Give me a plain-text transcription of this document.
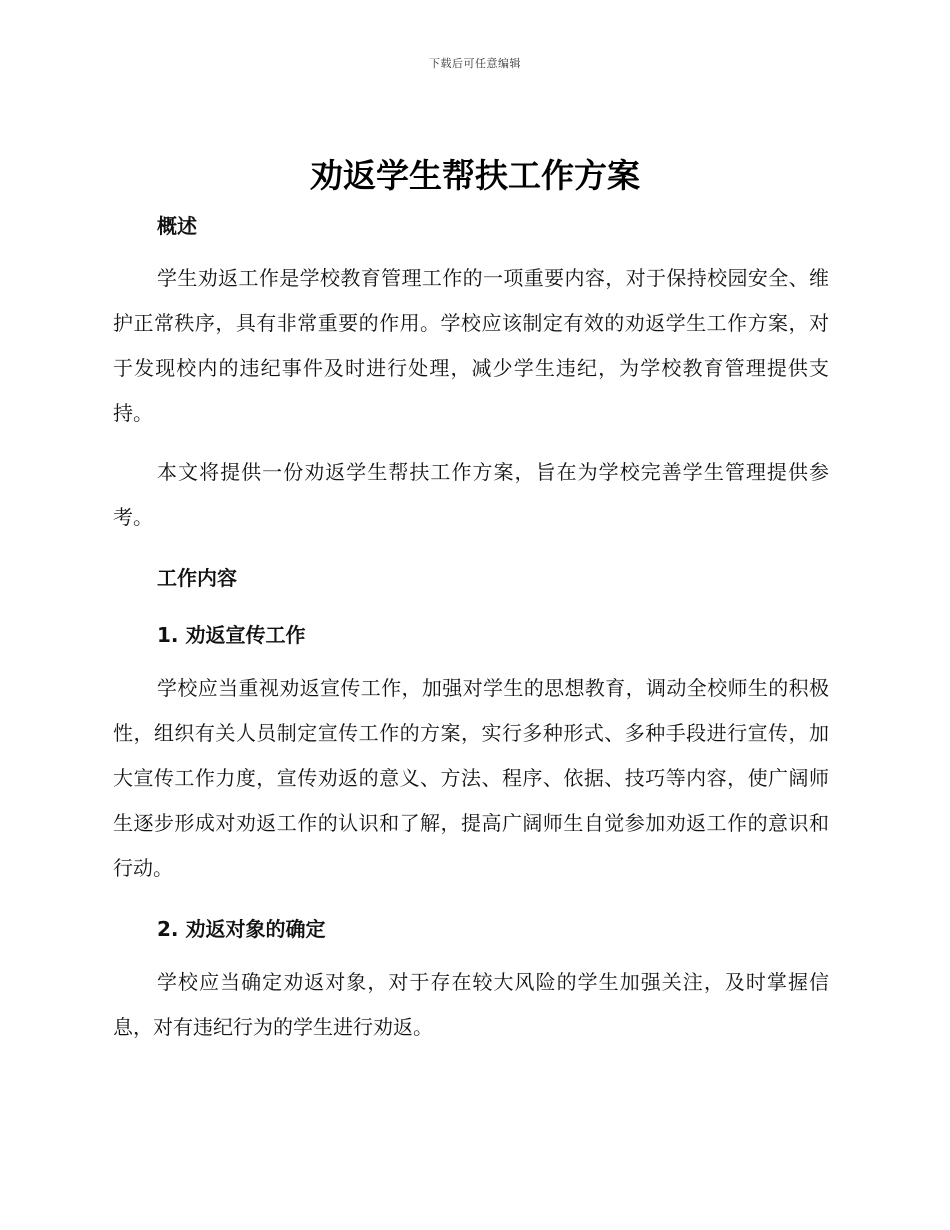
下载后可任意编辑
劝返学生帮扶工作方案
概述

学生劝返工作是学校教育管理工作的一项重要内容，对于保持校园安全、维护正常秩序，具有非常重要的作用。学校应该制定有效的劝返学生工作方案，对于发现校内的违纪事件及时进行处理，减少学生违纪，为学校教育管理提供支持。

本文将提供一份劝返学生帮扶工作方案，旨在为学校完善学生管理提供参考。

工作内容
1. 劝返宣传工作

学校应当重视劝返宣传工作，加强对学生的思想教育，调动全校师生的积极性，组织有关人员制定宣传工作的方案，实行多种形式、多种手段进行宣传，加大宣传工作力度，宣传劝返的意义、方法、程序、依据、技巧等内容，使广阔师生逐步形成对劝返工作的认识和了解，提高广阔师生自觉参加劝返工作的意识和行动。

2. 劝返对象的确定

学校应当确定劝返对象，对于存在较大风险的学生加强关注，及时掌握信息，对有违纪行为的学生进行劝返。
